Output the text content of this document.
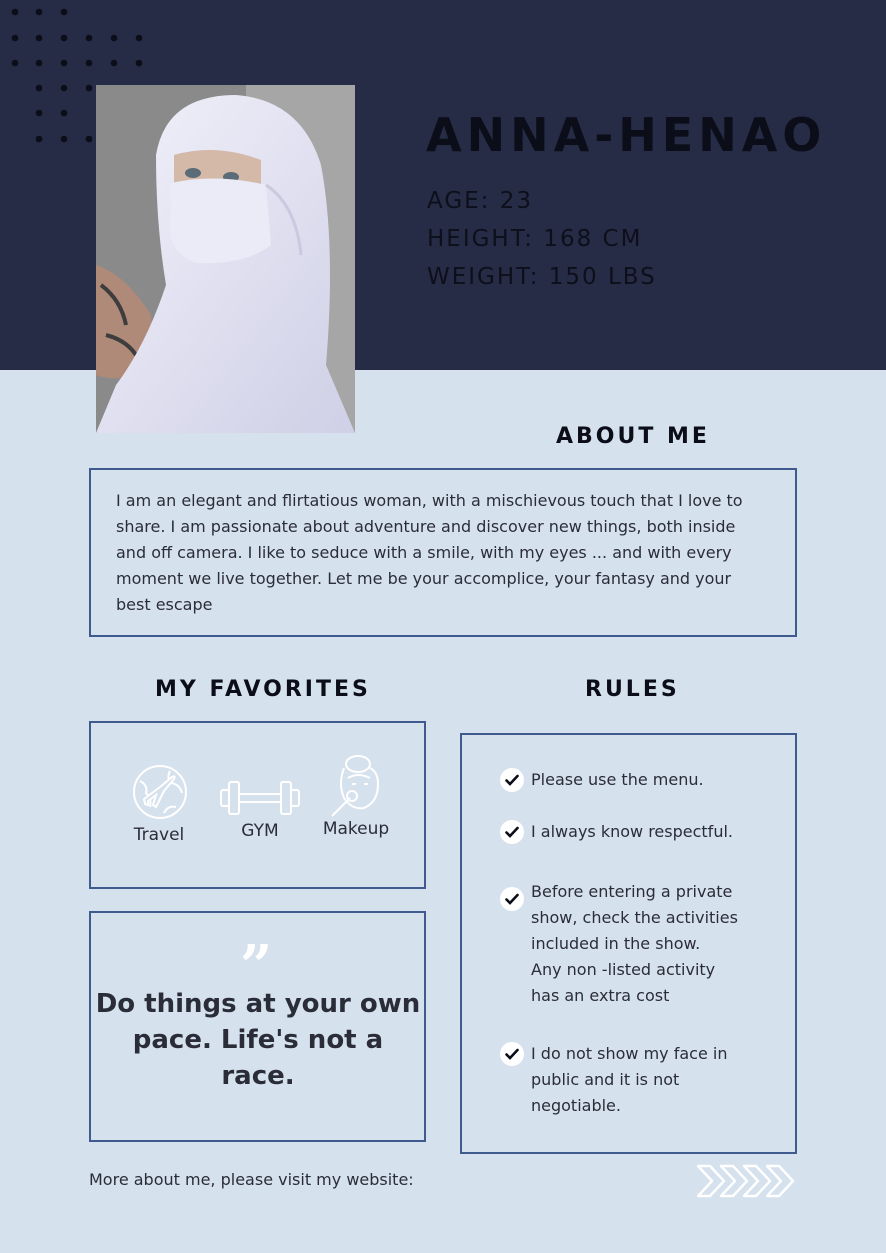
ANNA-HENAO
AGE: 23
HEIGHT: 168 CM
WEIGHT: 150 LBS
ABOUT ME
I am an elegant and flirtatious woman, with a mischievous touch that I love to share. I am passionate about adventure and discover new things, both inside and off camera. I like to seduce with a smile, with my eyes ... and with every moment we live together. Let me be your accomplice, your fantasy and your best escape
MY FAVORITES
Travel	GYM	Makeup
”
Do things at your own pace. Life's not a race.
RULES
Please use the menu.
I always know respectful.
Before entering a private
show, check the activities
included in the show.
Any non -listed activity
has an extra cost
I do not show my face in
public and it is not
negotiable.
More about me, please visit my website:
